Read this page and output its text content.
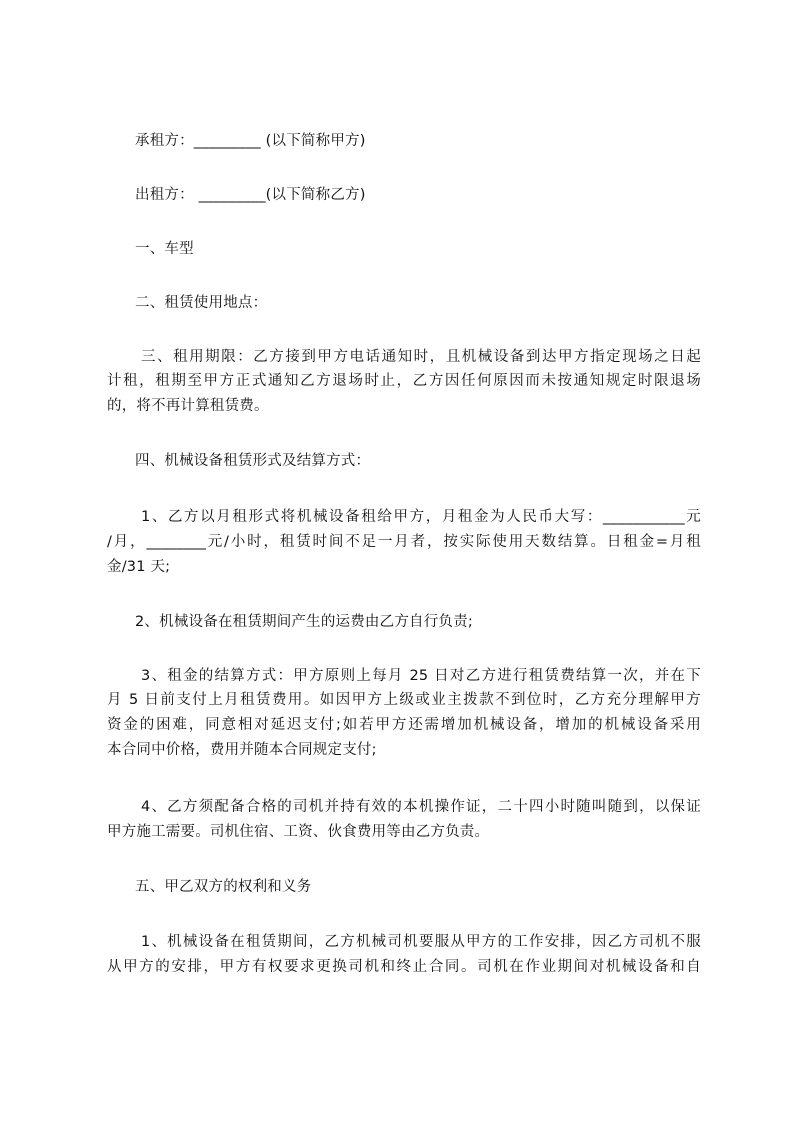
承租方：_________ (以下简称甲方)
出租方： _________(以下简称乙方)
一、车型
二、租赁使用地点：
三、租用期限：乙方接到甲方电话通知时，且机械设备到达甲方指定现场之日起
计租，租期至甲方正式通知乙方退场时止，乙方因任何原因而未按通知规定时限退场
的，将不再计算租赁费。
四、机械设备租赁形式及结算方式：
1、乙方以月租形式将机械设备租给甲方，月租金为人民币大写：___________元
/月，________元/小时，租赁时间不足一月者，按实际使用天数结算。日租金=月租
金/31 天;
2、机械设备在租赁期间产生的运费由乙方自行负责;
3、租金的结算方式：甲方原则上每月 25 日对乙方进行租赁费结算一次，并在下
月 5 日前支付上月租赁费用。如因甲方上级或业主拨款不到位时，乙方充分理解甲方
资金的困难，同意相对延迟支付;如若甲方还需增加机械设备，增加的机械设备采用
本合同中价格，费用并随本合同规定支付;
4、乙方须配备合格的司机并持有效的本机操作证，二十四小时随叫随到，以保证
甲方施工需要。司机住宿、工资、伙食费用等由乙方负责。
五、甲乙双方的权利和义务
1、机械设备在租赁期间，乙方机械司机要服从甲方的工作安排，因乙方司机不服
从甲方的安排，甲方有权要求更换司机和终止合同。司机在作业期间对机械设备和自
